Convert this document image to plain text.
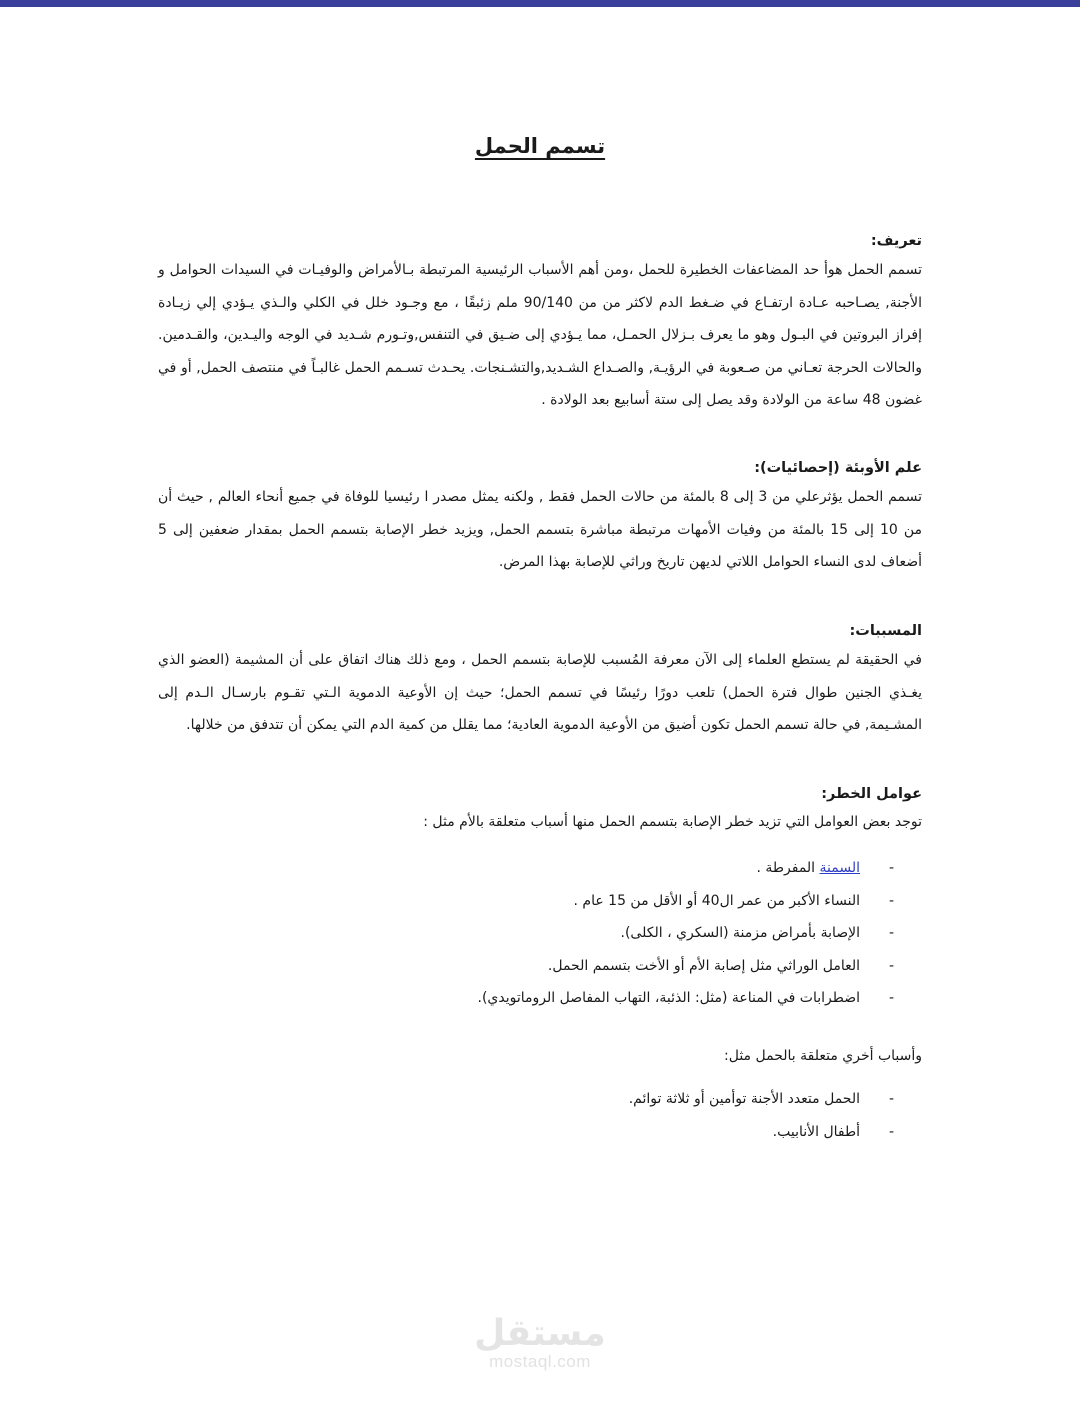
تسمم الحمل
تعريف:

تسمم الحمل هوأ حد المضاعفات الخطيرة للحمل ،ومن أهم الأسباب الرئيسية المرتبطة بـالأمراض والوفيـات في السيدات الحوامل و الأجنة, يصـاحبه عـادة ارتفـاع في ضـغط الدم لاكثر من من 90/140 ملم زئبقًا ، مع وجـود خلل في الكلي والـذي يـؤدي إلي زيـادة إفراز البروتين في البـول وهو ما يعرف بـزلال الحمـل، مما يـؤدي إلى ضـيق في التنفس,وتـورم شـديد في الوجه واليـدين، والقـدمين. والحالات الحرجة تعـاني من صـعوبة في الرؤيـة, والصـداع الشـديد,والتشـنجات. يحـدث تسـمم الحمل غالبـاً في منتصف الحمل, أو في غضون 48 ساعة من الولادة وقد يصل إلى ستة أسابيع بعد الولادة .

علم الأوبئة (إحصائيات):

تسمم الحمل يؤثرعلي من 3 إلى 8 بالمئة من حالات الحمل فقط , ولكنه يمثل مصدر ا رئيسيا للوفاة في جميع أنحاء العالم , حيث أن من 10 إلى 15 بالمئة من وفيات الأمهات مرتبطة مباشرة بتسمم الحمل, ويزيد خطر الإصابة بتسمم الحمل بمقدار ضعفين إلى 5 أضعاف لدى النساء الحوامل اللاتي لديهن تاريخ وراثي للإصابة بهذا المرض.

المسببات:

في الحقيقة لم يستطع العلماء إلى الآن معرفة المُسبب للإصابة بتسمم الحمل ، ومع ذلك هناك اتفاق على أن المشيمة (العضو الذي يغـذي الجنين طوال فترة الحمل) تلعب دورًا رئيسًا في تسمم الحمل؛ حيث إن الأوعية الدموية الـتي تقـوم بارسـال الـدم إلى المشـيمة, في حالة تسمم الحمل تكون أضيق من الأوعية الدموية العادية؛ مما يقلل من كمية الدم التي يمكن أن تتدفق من خلالها.

عوامل الخطر:

توجد بعض العوامل التي تزيد خطر الإصابة بتسمم الحمل منها أسباب متعلقة بالأم مثل :

-
السمنة المفرطة .
-
النساء الأكبر من عمر ال40 أو الأقل من 15 عام .
-
الإصابة بأمراض مزمنة (السكري ، الكلى).
-
العامل الوراثي مثل إصابة الأم أو الأخت بتسمم الحمل.
-
اضطرابات في المناعة (مثل: الذئبة، التهاب المفاصل الروماتويدي).

وأسباب أخري متعلقة بالحمل مثل:

-
الحمل متعدد الأجنة توأمين أو ثلاثة توائم.
-
أطفال الأنابيب.
مستقل
mostaql.com
